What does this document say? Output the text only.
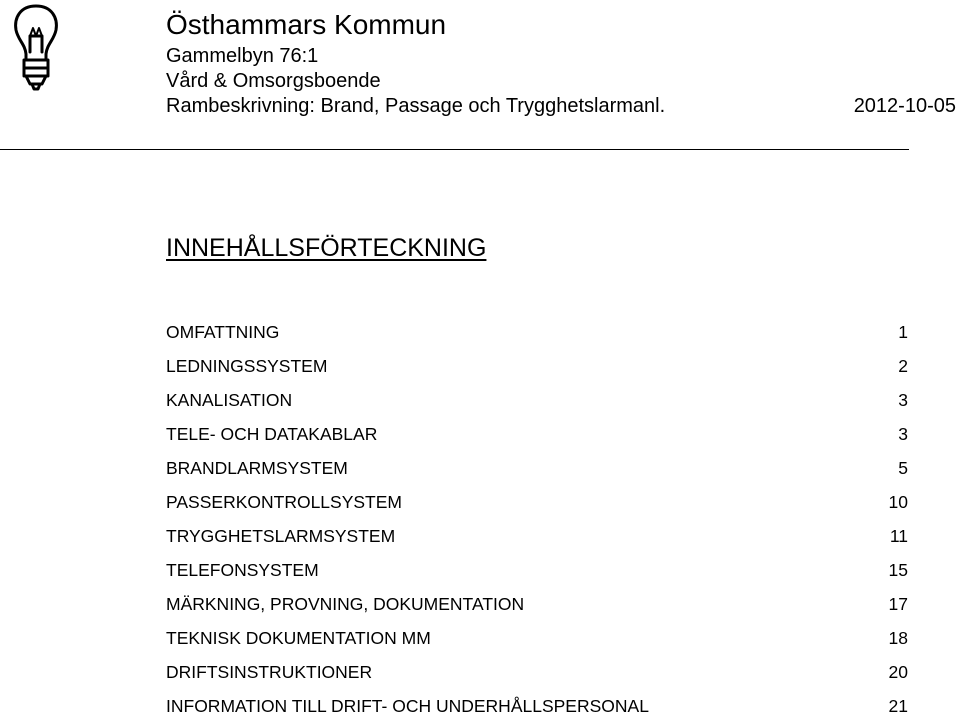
Östhammars Kommun
Gammelbyn 76:1
Vård & Omsorgsboende
Rambeskrivning: Brand, Passage och Trygghetslarmanl.	2012-10-05
INNEHÅLLSFÖRTECKNING
OMFATTNING	1
LEDNINGSSYSTEM	2
KANALISATION	3
TELE- OCH DATAKABLAR	3
BRANDLARMSYSTEM	5
PASSERKONTROLLSYSTEM	10
TRYGGHETSLARMSYSTEM	11
TELEFONSYSTEM	15
MÄRKNING, PROVNING, DOKUMENTATION	17
TEKNISK DOKUMENTATION MM	18
DRIFTSINSTRUKTIONER	20
INFORMATION TILL DRIFT- OCH UNDERHÅLLSPERSONAL	21
